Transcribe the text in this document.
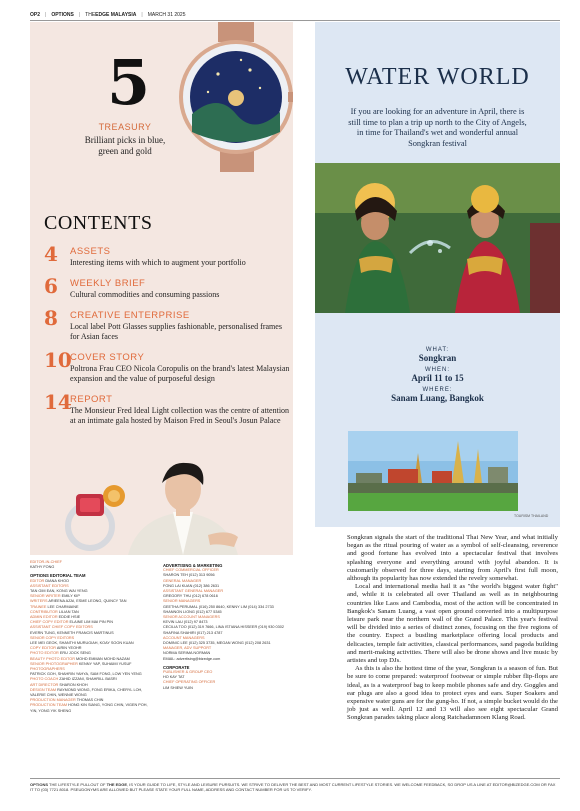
OP2 | OPTIONS | THEEDGE MALAYSIA | MARCH 31 2025
5
TREASURY
Brilliant picks in blue, green and gold
CONTENTS
4	ASSETS
Interesting items with which to augment your portfolio
6	WEEKLY BRIEF
Cultural commodities and consuming passions
8	CREATIVE ENTERPRISE
Local label Pott Glasses supplies fashionable, personalised frames for Asian faces
10
COVER STORY
Poltrona Frau CEO Nicola Coropulis on the brand's latest Malaysian expansion and the value of purposeful design
14
REPORT
The Monsieur Fred Ideal Light collection was the centre of attention at an intimate gala hosted by Maison Fred in Seoul's Josun Palace
EDITOR-IN-CHIEF
KATHY FONG
OPTIONS EDITORIAL TEAM
EDITOR DIANA KHOO
ASSISTANT EDITORS
TAN GIM EAN, KONG WAI YENG
SENIOR WRITER EMILY KIP
WRITERS ARIEENA AZAI, ESME LEONG, QUINCY TAN
TRAINEE LEE CHARMAINE
CONTRIBUTOR LILIAN TAN
ADMIN EDITOR EDDIE HSIE
CHIEF COPY EDITOR ELAINE LIM MAI PIN PIN
ASSISTANT CHIEF COPY EDITORS
EVERN TUNG, KENNETH FRANCIS MARTINUS
SENIOR COPY EDITORS
LEE MEI GEOK, SHANTHI MURUGIAH, KOAY SOON KUAN
COPY EDITOR AIRIN YEOHR
PHOTO EDITOR ERU JOCK SENG
BEAUTY PHOTO EDITOR MOHD EMMAN MOHD NAZAM
SENIOR PHOTOGRAPHER KENNY YAP, SUHAIMI YUSUF
PHOTOGRAPHERS
PATRICK GOH, SHAHRIN YAHYA, SAM FONG, LOW YEN YENG
PHOTO COACH ZAHID IZZANI, SHAHRILL BASRI
ART DIRECTOR SHARON KHOH
DESIGN TEAM RAYMOND WONG, FONG ERIKA, CHERYL LOH, VALERIE CHIN, WENNIE WONG
PRODUCTION MANAGER THOMAS CHIN
PRODUCTION TEAM HONG KIN SIANG, YONG CHIN, VIGEN POH, YIN, YONG YIK SHENG
ADVERTISING & MARKETING
CHIEF COMMERCIAL OFFICER
SHARON TEH (012) 313 9056
GENERAL MANAGER
FONG LAI KUAN (012) 386 2631
ASSISTANT GENERAL MANAGER
GREGORY THU (012) 678 0616
SENIOR MANAGERS
GEETHA PERUMAL (016) 250 8640, KENNY LIM (014) 334 2733
SHANNON LIONG (012) 677 5345
SENIOR ACCOUNT MANAGERS
KEVIN LAU (012) 97 8473
CECILIA TOO (012) 319 7666, LINA ISTIANA HISSEER (019) 930 0302
SHAFINA SHAHIRI (017) 213 4787
ACCOUNT MANAGERS
DOMINIC LEE (012) 325 3735, MEGAN WONG (012) 208 2631
MANAGER, ADV SUPPORT
NORMA SERIMA NORMAN
EMAIL: advertising@bizedge.com
CORPORATE
PUBLISHER & GROUP CEO
HO KAY TAT
CHIEF OPERATING OFFICER
LIM SHIEW YUIN
OPTIONS THE LIFESTYLE PULLOUT OF THE EDGE, IS YOUR GUIDE TO LIFE, STYLE AND LEISURE PURSUITS. WE STRIVE TO DELIVER THE BEST AND MOST CURRENT LIFESTYLE STORIES. WE WELCOME FEEDBACK, SO DROP US A LINE AT EDITOR@BIZEDGE.COM OR FAX IT TO (03) 7721 8018. PSEUDONYMS ARE ALLOWED BUT PLEASE STATE YOUR FULL NAME, ADDRESS AND CONTACT NUMBER FOR US TO VERIFY.
WATER WORLD
If you are looking for an adventure in April, there is still time to plan a trip up north to the City of Angels, in time for Thailand's wet and wonderful annual Songkran festival
WHAT:
Songkran
WHEN:
April 11 to 15
WHERE:
Sanam Luang, Bangkok
TOURISM THAILAND

Songkran signals the start of the traditional Thai New Year, and what initially began as the ritual pouring of water as a symbol of self-cleansing, reverence and good fortune has evolved into a spectacular festival that involves splashing everyone and everything around with joyful abandon. It is customarily observed for three days, starting from April's first full moon, although its popularity has now extended the revelry somewhat.

Local and international media hail it as "the world's biggest water fight" and, while it is celebrated all over Thailand as well as in neighbouring countries like Laos and Cambodia, most of the action will be concentrated in Bangkok's Sanam Luang, a vast open ground converted into a multipurpose leisure park near the northern wall of the Grand Palace. This year's festival will be divided into a series of distinct zones, focusing on the five regions of the country. Expect a bustling marketplace offering local products and delicacies, temple fair activities, classical performances, sand pagoda building and merit-making activities. There will also be drone shows and live music by artistes and top DJs.

As this is also the hottest time of the year, Songkran is a season of fun. But be sure to come prepared: waterproof footwear or simple rubber flip-flops are ideal, as is a waterproof bag to keep mobile phones safe and dry. Goggles and ear plugs are also a good idea to protect eyes and ears. Super Soakers and expensive water guns are for the gung-ho. If not, a simple bucket would do the job just as well. April 12 and 13 will also see eight spectacular Grand Songkran parades taking place along Ratchadamnoen Klang Road.
